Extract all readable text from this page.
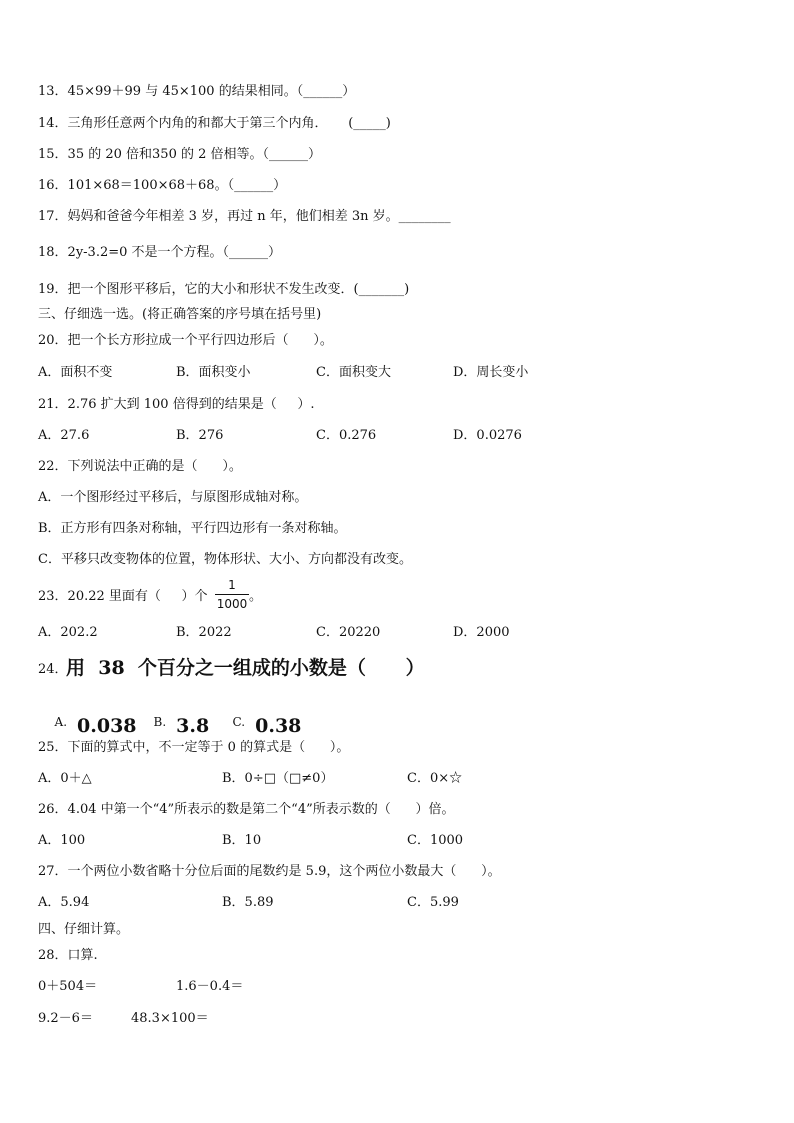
13．45×99＋99 与 45×100 的结果相同。（______）
14．三角形任意两个内角的和都大于第三个内角．     (_____)
15．35 的 20 倍和350 的 2 倍相等。（______）
16．101×68＝100×68＋68。（______）
17．妈妈和爸爸今年相差 3 岁，再过 n 年，他们相差 3n 岁。________
18．2y-3.2=0 不是一个方程。（______）
19．把一个图形平移后，它的大小和形状不发生改变．(_______)
三、仔细选一选。(将正确答案的序号填在括号里)
20．把一个长方形拉成一个平行四边形后（      ）。
A．面积不变	B．面积变小	C．面积变大	D．周长变小
21．2.76 扩大到 100 倍得到的结果是（     ）.
A．27.6	B．276	C．0.276	D．0.0276
22．下列说法中正确的是（      ）。
A．一个图形经过平移后，与原图形成轴对称。
B．正方形有四条对称轴，平行四边形有一条对称轴。
C．平移只改变物体的位置，物体形状、大小、方向都没有改变。
23．20.22 里面有（     ）个
1
1000 。
A．202.2	B．2022	C．20220	D．2000
24．
用  38  个百分之一组成的小数是（      ）

A. 0.038
	B. 3.8
	C. 0.38

25．下面的算式中，不一定等于 0 的算式是（      ）。
A．0＋△	B．0÷□（□≠0）	C．0×☆
26．4.04 中第一个“4”所表示的数是第二个“4”所表示数的（      ）倍。
A．100	B．10	C．1000
27．一个两位小数省略十分位后面的尾数约是 5.9，这个两位小数最大（      ）。
A．5.94	B．5.89	C．5.99
四、仔细计算。
28．口算.
0＋504＝	1.6－0.4＝
9.2－6＝	48.3×100＝
